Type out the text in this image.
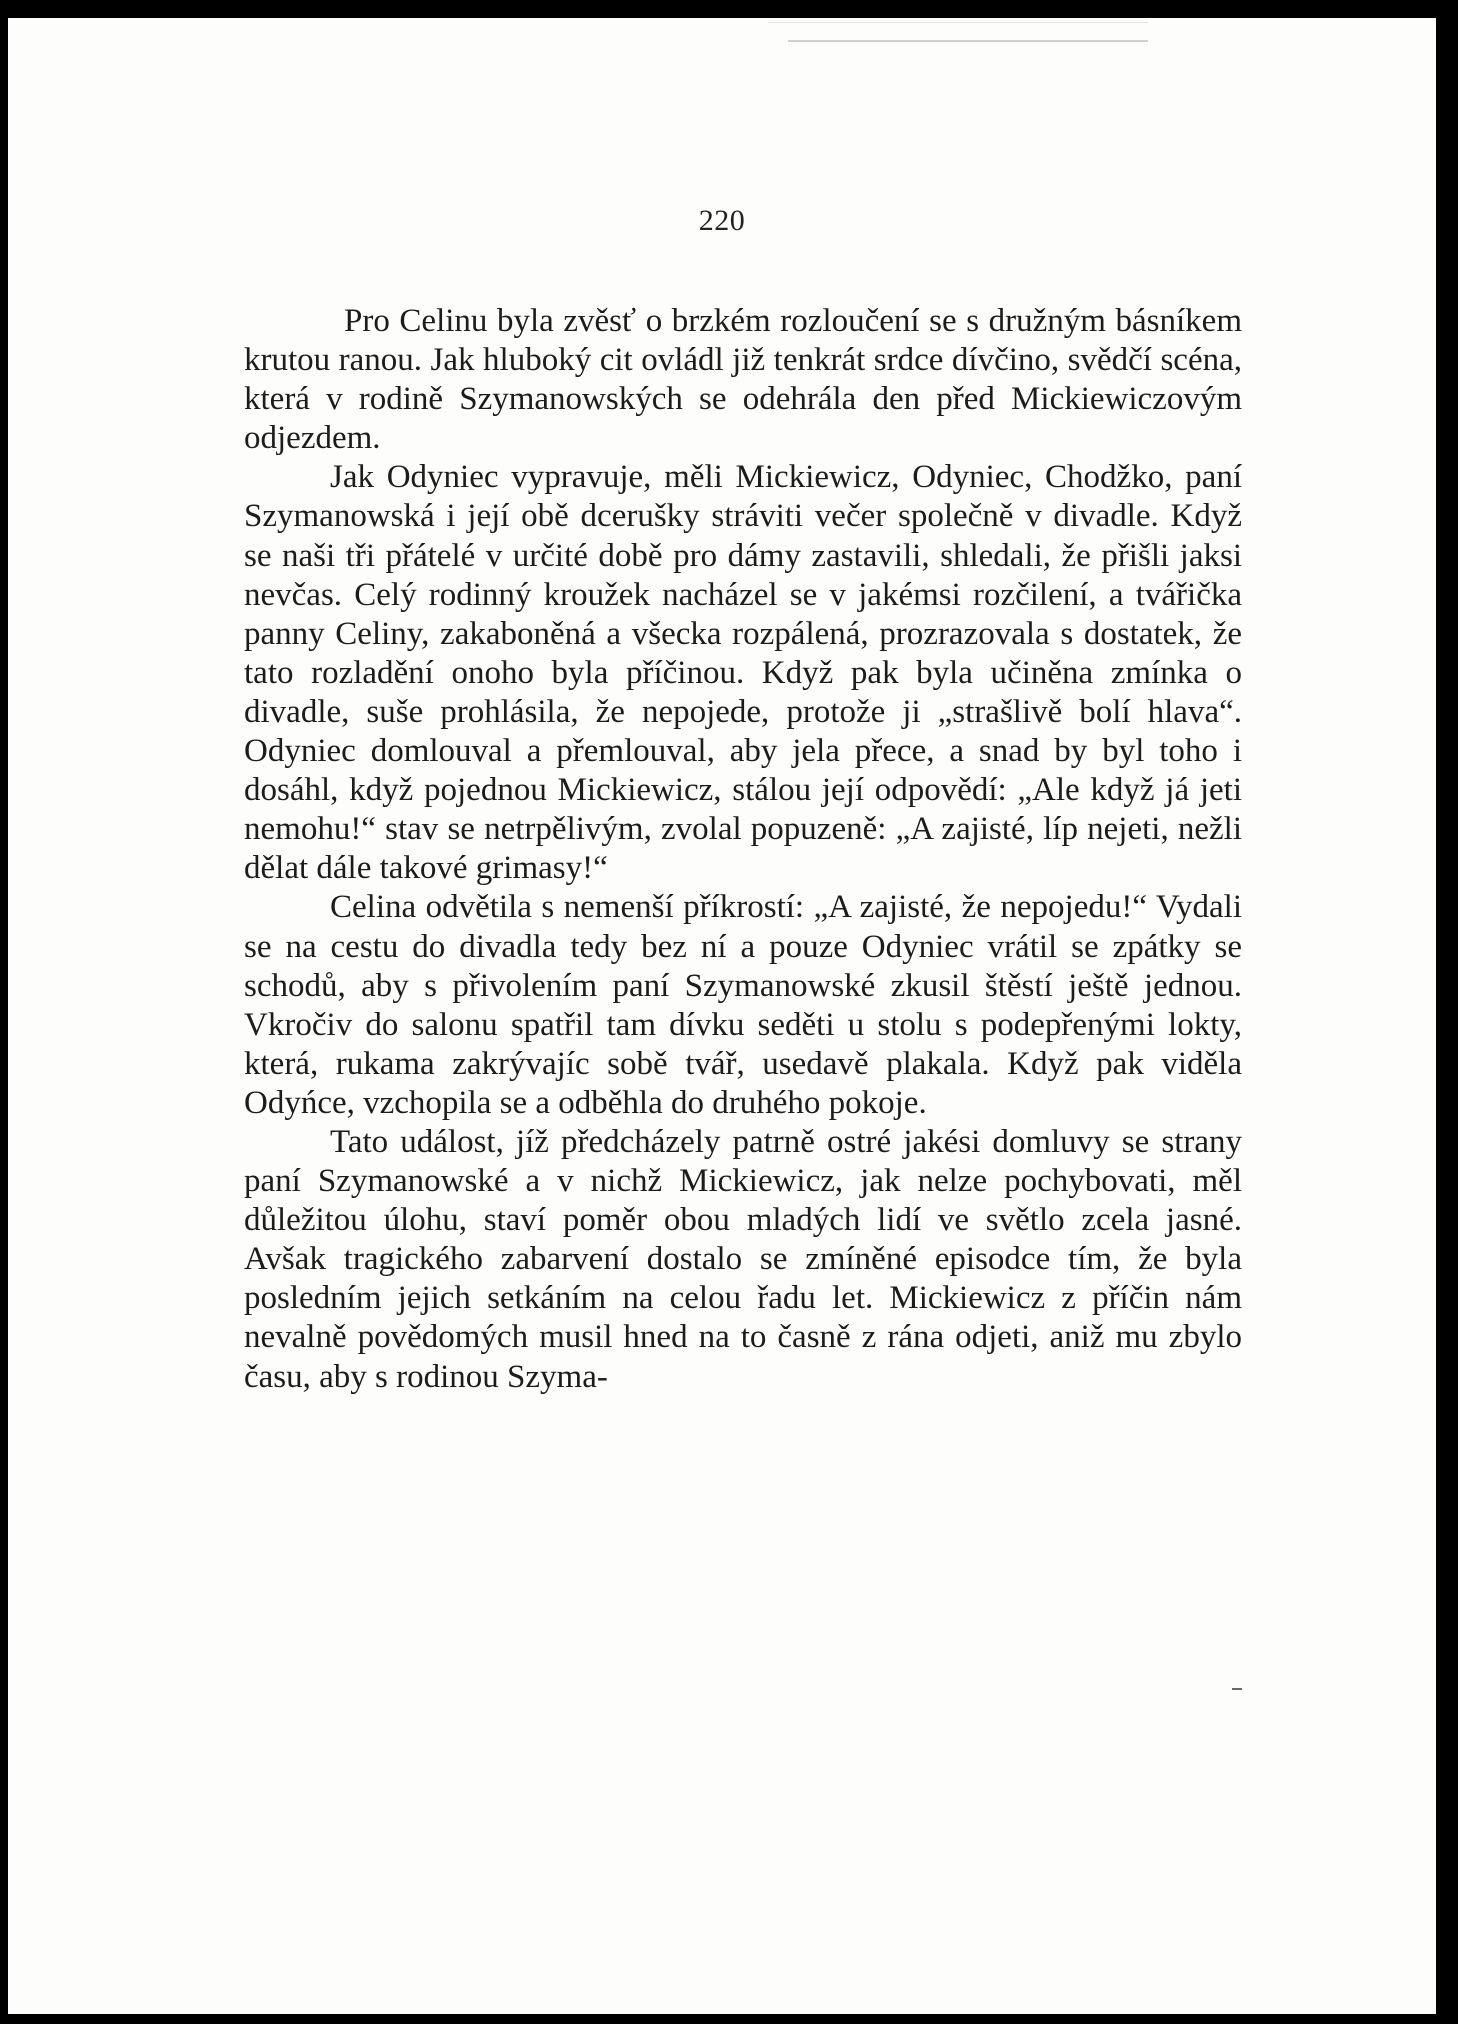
220

Pro Celinu byla zvěsť o brzkém rozloučení se s družným básníkem krutou ranou. Jak hluboký cit ovládl již tenkrát srdce dívčino, svědčí scéna, která v rodině Szymanowských se odehrála den před Mickiewiczovým odjezdem.

Jak Odyniec vypravuje, měli Mickiewicz, Odyniec, Chodžko, paní Szymanowská i její obě dcerušky stráviti večer společně v divadle. Když se naši tři přátelé v určité době pro dámy zastavili, shledali, že přišli jaksi nevčas. Celý rodinný kroužek nacházel se v jakémsi rozčilení, a tvářička panny Celiny, zakaboněná a všecka rozpálená, prozrazovala s dostatek, že tato rozladění onoho byla příčinou. Když pak byla učiněna zmínka o divadle, suše prohlásila, že nepojede, protože ji „strašlivě bolí hlava“. Odyniec domlouval a přemlouval, aby jela přece, a snad by byl toho i dosáhl, když pojednou Mickiewicz, stálou její odpovědí: „Ale když já jeti nemohu!“ stav se netrpělivým, zvolal popuzeně: „A zajisté, líp nejeti, nežli dělat dále takové grimasy!“

Celina odvětila s nemenší příkrostí: „A zajisté, že nepojedu!“ Vydali se na cestu do divadla tedy bez ní a pouze Odyniec vrátil se zpátky se schodů, aby s přivolením paní Szymanowské zkusil štěstí ještě jednou. Vkročiv do salonu spatřil tam dívku seděti u stolu s podepřenými lokty, která, rukama zakrývajíc sobě tvář, usedavě plakala. Když pak viděla Odyńce, vzchopila se a odběhla do druhého pokoje.

Tato událost, jíž předcházely patrně ostré jakési domluvy se strany paní Szymanowské a v nichž Mickiewicz, jak nelze pochybovati, měl důležitou úlohu, staví poměr obou mladých lidí ve světlo zcela jasné. Avšak tragického zabarvení dostalo se zmíněné episodce tím, že byla posledním jejich setkáním na celou řadu let. Mickiewicz z příčin nám nevalně povědomých musil hned na to časně z rána odjeti, aniž mu zbylo času, aby s rodinou Szyma-
